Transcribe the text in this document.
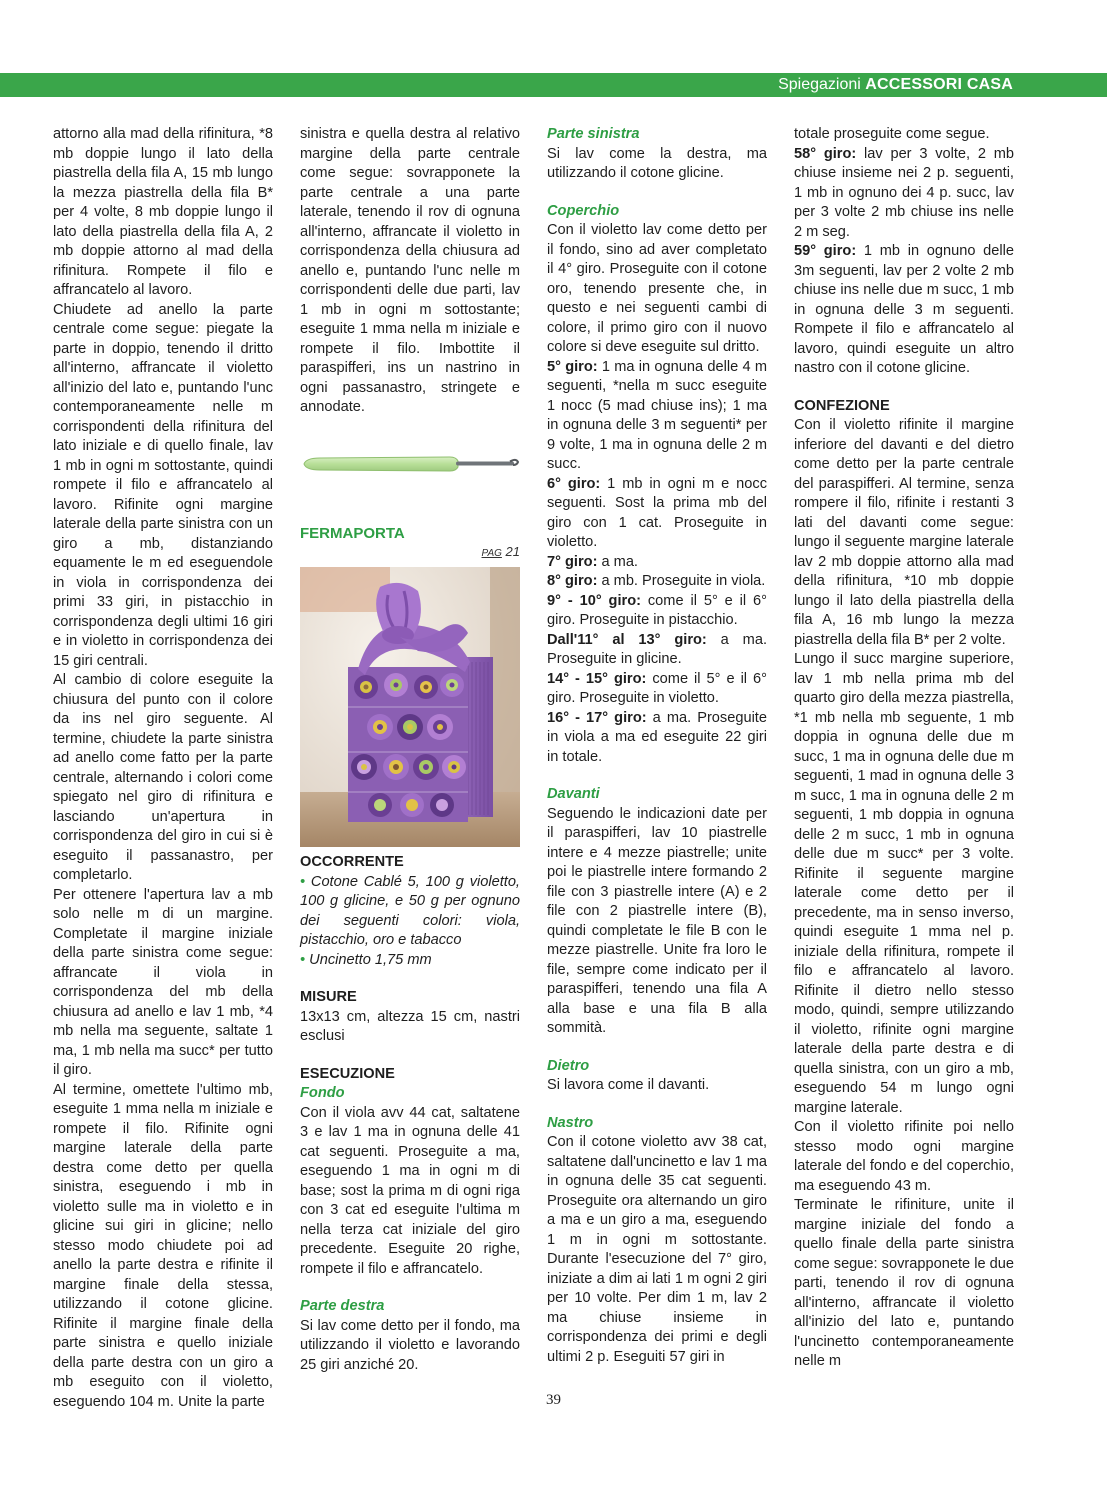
Spiegazioni ACCESSORI CASA

attorno alla mad della rifinitura, *8 mb doppie lungo il lato della piastrella della fila A, 15 mb lungo la mezza piastrella della fila B* per 4 volte, 8 mb doppie lungo il lato della piastrella della fila A, 2 mb doppie attorno al mad della rifinitura. Rompete il filo e affrancatelo al lavoro.

Chiudete ad anello la parte centrale come segue: piegate la parte in doppio, tenendo il dritto all'interno, affrancate il violetto all'inizio del lato e, puntando l'unc contemporaneamente nelle m corrispondenti della rifinitura del lato iniziale e di quello finale, lav 1 mb in ogni m sottostante, quindi rompete il filo e affrancatelo al lavoro. Rifinite ogni margine laterale della parte sinistra con un giro a mb, distanziando equamente le m ed eseguendole in viola in corrispondenza dei primi 33 giri, in pistacchio in corrispondenza degli ultimi 16 giri e in violetto in corrispondenza dei 15 giri centrali.

Al cambio di colore eseguite la chiusura del punto con il colore da ins nel giro seguente. Al termine, chiudete la parte sinistra ad anello come fatto per la parte centrale, alternando i colori come spiegato nel giro di rifinitura e lasciando un'apertura in corrispondenza del giro in cui si è eseguito il passanastro, per completarlo.

Per ottenere l'apertura lav a mb solo nelle m di un margine. Completate il margine iniziale della parte sinistra come segue: affrancate il viola in corrispondenza del mb della chiusura ad anello e lav 1 mb, *4 mb nella ma seguente, saltate 1 ma, 1 mb nella ma succ* per tutto il giro.

Al termine, omettete l'ultimo mb, eseguite 1 mma nella m iniziale e rompete il filo. Rifinite ogni margine laterale della parte destra come detto per quella sinistra, eseguendo i mb in violetto sulle ma in violetto e in glicine sui giri in glicine; nello stesso modo chiudete poi ad anello la parte destra e rifinite il margine finale della stessa, utilizzando il cotone glicine. Rifinite il margine finale della parte sinistra e quello iniziale della parte destra con un giro a mb eseguito con il violetto, eseguendo 104 m. Unite la parte

sinistra e quella destra al relativo margine della parte centrale come segue: sovrapponete la parte centrale a una parte laterale, tenendo il rov di ognuna all'interno, affrancate il violetto in corrispondenza della chiusura ad anello e, puntando l'unc nelle m corrispondenti delle due parti, lav 1 mb in ogni m sottostante; eseguite 1 mma nella m iniziale e rompete il filo. Imbottite il paraspifferi, ins un nastrino in ogni passanastro, stringete e annodate.

FERMAPORTA

PAG 21

OCCORRENTE

• Cotone Cablé 5, 100 g violetto, 100 g glicine, e 50 g per ognuno dei seguenti colori: viola, pistacchio, oro e tabacco

• Uncinetto 1,75 mm

MISURE

13x13 cm, altezza 15 cm, nastri esclusi

ESECUZIONE

Fondo

Con il viola avv 44 cat, saltatene 3 e lav 1 ma in ognuna delle 41 cat seguenti. Proseguite a ma, eseguendo 1 ma in ogni m di base; sost la prima m di ogni riga con 3 cat ed eseguite l'ultima m nella terza cat iniziale del giro precedente. Eseguite 20 righe, rompete il filo e affrancatelo.

Parte destra

Si lav come detto per il fondo, ma utilizzando il violetto e lavorando 25 giri anziché 20.

Parte sinistra

Si lav come la destra, ma utilizzando il cotone glicine.

Coperchio

Con il violetto lav come detto per il fondo, sino ad aver completato il 4° giro. Proseguite con il cotone oro, tenendo presente che, in questo e nei seguenti cambi di colore, il primo giro con il nuovo colore si deve eseguite sul dritto.

5° giro: 1 ma in ognuna delle 4 m seguenti, *nella m succ eseguite 1 nocc (5 mad chiuse ins); 1 ma in ognuna delle 3 m seguenti* per 9 volte, 1 ma in ognuna delle 2 m succ.

6° giro: 1 mb in ogni m e nocc seguenti. Sost la prima mb del giro con 1 cat. Proseguite in violetto.

7° giro: a ma.

8° giro: a mb. Proseguite in viola.

9° - 10° giro: come il 5° e il 6° giro. Proseguite in pistacchio.

Dall'11° al 13° giro: a ma. Proseguite in glicine.

14° - 15° giro: come il 5° e il 6° giro. Proseguite in violetto.

16° - 17° giro: a ma. Proseguite in viola a ma ed eseguite 22 giri in totale.

Davanti

Seguendo le indicazioni date per il paraspifferi, lav 10 piastrelle intere e 4 mezze piastrelle; unite poi le piastrelle intere formando 2 file con 3 piastrelle intere (A) e 2 file con 2 piastrelle intere (B), quindi completate le file B con le mezze piastrelle. Unite fra loro le file, sempre come indicato per il paraspifferi, tenendo una fila A alla base e una fila B alla sommità.

Dietro

Si lavora come il davanti.

Nastro

Con il cotone violetto avv 38 cat, saltatene dall'uncinetto e lav 1 ma in ognuna delle 35 cat seguenti. Proseguite ora alternando un giro a ma e un giro a ma, eseguendo 1 m in ogni m sottostante. Durante l'esecuzione del 7° giro, iniziate a dim ai lati 1 m ogni 2 giri per 10 volte. Per dim 1 m, lav 2 ma chiuse insieme in corrispondenza dei primi e degli ultimi 2 p. Eseguiti 57 giri in

totale proseguite come segue.

58° giro: lav per 3 volte, 2 mb chiuse insieme nei 2 p. seguenti, 1 mb in ognuno dei 4 p. succ, lav per 3 volte 2 mb chiuse ins nelle 2 m seg.

59° giro: 1 mb in ognuno delle 3m seguenti, lav per 2 volte 2 mb chiuse ins nelle due m succ, 1 mb in ognuna delle 3 m seguenti. Rompete il filo e affrancatelo al lavoro, quindi eseguite un altro nastro con il cotone glicine.

CONFEZIONE

Con il violetto rifinite il margine inferiore del davanti e del dietro come detto per la parte centrale del paraspifferi. Al termine, senza rompere il filo, rifinite i restanti 3 lati del davanti come segue: lungo il seguente margine laterale lav 2 mb doppie attorno alla mad della rifinitura, *10 mb doppie lungo il lato della piastrella della fila A, 16 mb lungo la mezza piastrella della fila B* per 2 volte.

Lungo il succ margine superiore, lav 1 mb nella prima mb del quarto giro della mezza piastrella, *1 mb nella mb seguente, 1 mb doppia in ognuna delle due m succ, 1 ma in ognuna delle due m seguenti, 1 mad in ognuna delle 3 m succ, 1 ma in ognuna delle 2 m seguenti, 1 mb doppia in ognuna delle 2 m succ, 1 mb in ognuna delle due m succ* per 3 volte. Rifinite il seguente margine laterale come detto per il precedente, ma in senso inverso, quindi eseguite 1 mma nel p. iniziale della rifinitura, rompete il filo e affrancatelo al lavoro. Rifinite il dietro nello stesso modo, quindi, sempre utilizzando il violetto, rifinite ogni margine laterale della parte destra e di quella sinistra, con un giro a mb, eseguendo 54 m lungo ogni margine laterale.

Con il violetto rifinite poi nello stesso modo ogni margine laterale del fondo e del coperchio, ma eseguendo 43 m.

Terminate le rifiniture, unite il margine iniziale del fondo a quello finale della parte sinistra come segue: sovrapponete le due parti, tenendo il rov di ognuna all'interno, affrancate il violetto all'inizio del lato e, puntando l'uncinetto contemporaneamente nelle m

39
